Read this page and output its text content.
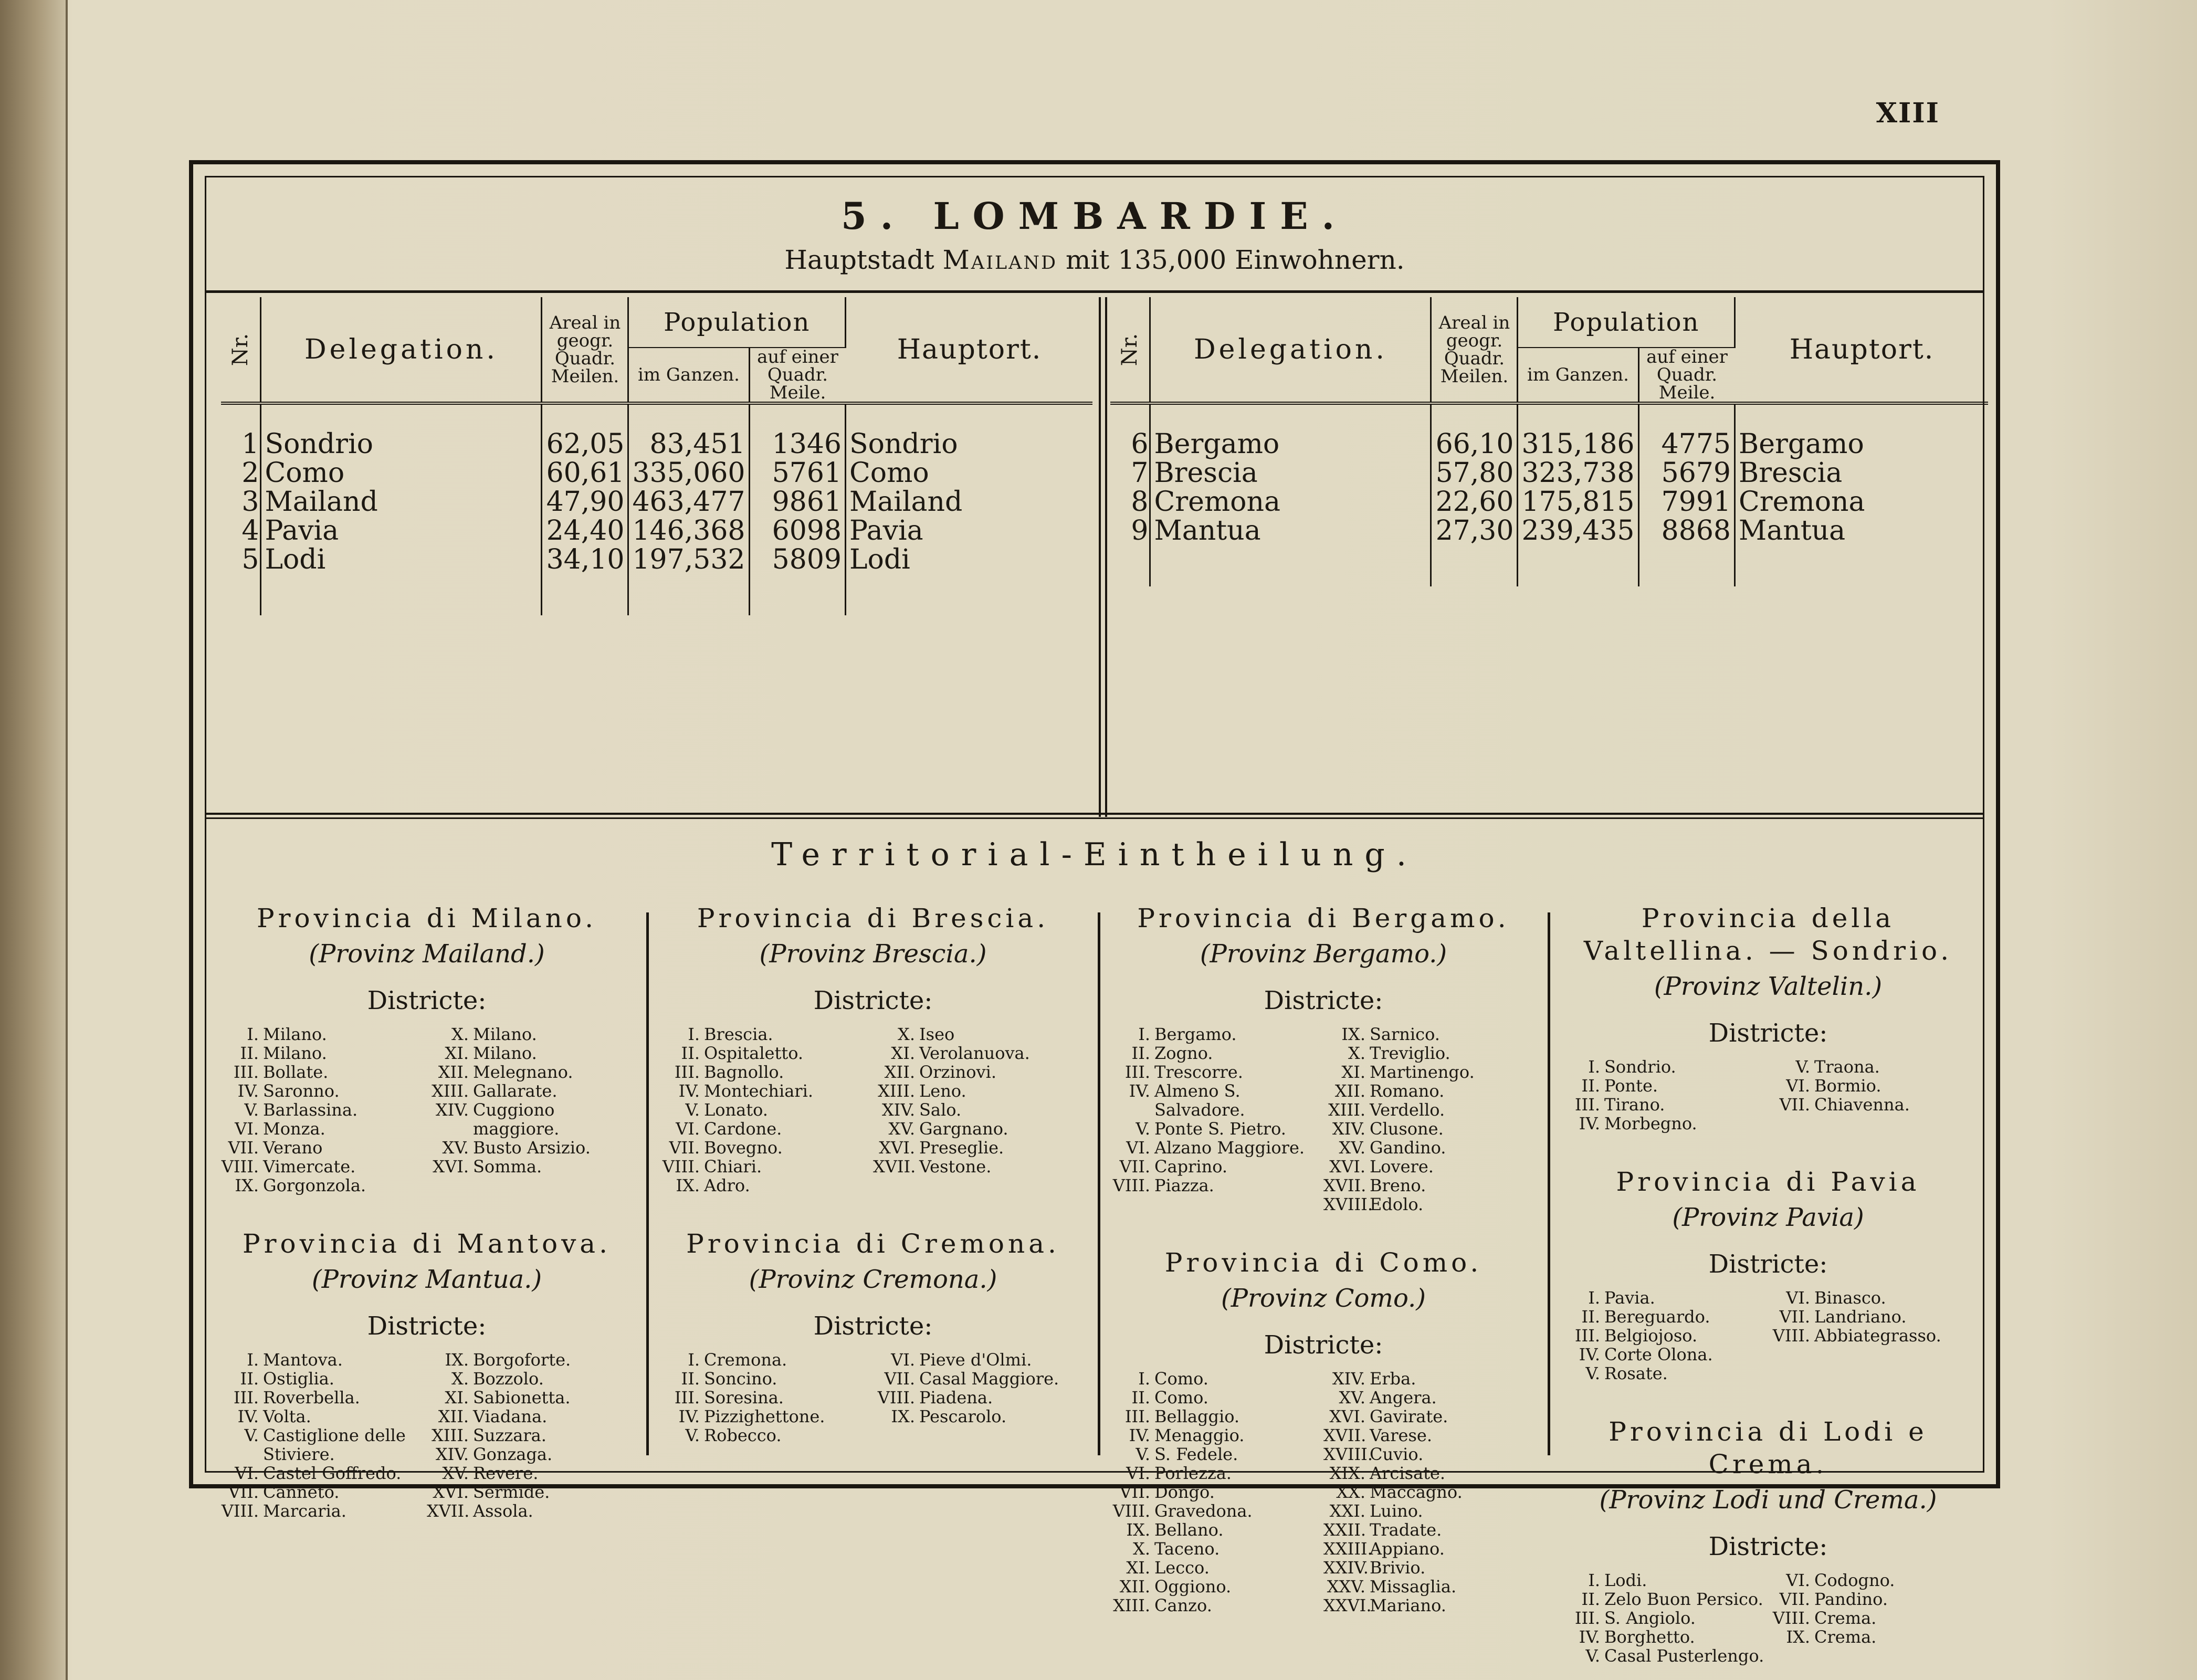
XIII
5. LOMBARDIE.
Hauptstadt Mailand mit 135,000 Einwohnern.
Nr.	Delegation.	Areal in geogr. Quadr. Meilen.	Population		Hauptort.
			im Ganzen.	auf einer Quadr. Meile.	
1	Sondrio	62,05	83,451	1346	Sondrio
2	Como	60,61	335,060	5761	Como
3	Mailand	47,90	463,477	9861	Mailand
4	Pavia	24,40	146,368	6098	Pavia
5	Lodi	34,10	197,532	5809	Lodi
Nr.	Delegation.	Areal in geogr. Quadr. Meilen.	Population		Hauptort.
			im Ganzen.	auf einer Quadr. Meile.	
6	Bergamo	66,10	315,186	4775	Bergamo
7	Brescia	57,80	323,738	5679	Brescia
8	Cremona	22,60	175,815	7991	Cremona
9	Mantua	27,30	239,435	8868	Mantua
Territorial-Eintheilung.
Provincia di Milano.
(Provinz Mailand.)
Districte:
I. Milano.
II. Milano.
III. Bollate.
IV. Saronno.
V. Barlassina.
VI. Monza.
VII. Verano
VIII. Vimercate.
IX. Gorgonzola.
X. Milano.
XI. Milano.
XII. Melegnano.
XIII. Gallarate.
XIV. Cuggiono maggiore.
XV. Busto Arsizio.
XVI. Somma.
Provincia di Mantova.
(Provinz Mantua.)
Districte:
I. Mantova.
II. Ostiglia.
III. Roverbella.
IV. Volta.
V. Castiglione delle Stiviere.
VI. Castel Goffredo.
VII. Canneto.
VIII. Marcaria.
IX. Borgoforte.
X. Bozzolo.
XI. Sabionetta.
XII. Viadana.
XIII. Suzzara.
XIV. Gonzaga.
XV. Revere.
XVI. Sermide.
XVII. Assola.
Provincia di Brescia.
(Provinz Brescia.)
Districte:
I. Brescia.
II. Ospitaletto.
III. Bagnollo.
IV. Montechiari.
V. Lonato.
VI. Cardone.
VII. Bovegno.
VIII. Chiari.
IX. Adro.
X. Iseo
XI. Verolanuova.
XII. Orzinovi.
XIII. Leno.
XIV. Salo.
XV. Gargnano.
XVI. Preseglie.
XVII. Vestone.
Provincia di Cremona.
(Provinz Cremona.)
Districte:
I. Cremona.
II. Soncino.
III. Soresina.
IV. Pizzighettone.
V. Robecco.
VI. Pieve d'Olmi.
VII. Casal Maggiore.
VIII. Piadena.
IX. Pescarolo.
Provincia di Bergamo.
(Provinz Bergamo.)
Districte:
I. Bergamo.
II. Zogno.
III. Trescorre.
IV. Almeno S. Salvadore.
V. Ponte S. Pietro.
VI. Alzano Maggiore.
VII. Caprino.
VIII. Piazza.
IX. Sarnico.
X. Treviglio.
XI. Martinengo.
XII. Romano.
XIII. Verdello.
XIV. Clusone.
XV. Gandino.
XVI. Lovere.
XVII. Breno.
XVIII.
Edolo.
Provincia di Como.
(Provinz Como.)
Districte:
I. Como.
II. Como.
III. Bellaggio.
IV. Menaggio.
V. S. Fedele.
VI. Porlezza.
VII. Dongo.
VIII. Gravedona.
IX. Bellano.
X. Taceno.
XI. Lecco.
XII. Oggiono.
XIII. Canzo.
XIV. Erba.
XV. Angera.
XVI. Gavirate.
XVII. Varese.
XVIII.
Cuvio.
XIX. Arcisate.
XX. Maccagno.
XXI. Luino.
XXII. Tradate.
XXIII.
Appiano.
XXIV. Brivio.
XXV. Missaglia.
XXVI.
Mariano.
Provincia della Valtellina. — Sondrio.
(Provinz Valtelin.)
Districte:
I. Sondrio.
II. Ponte.
III. Tirano.
IV. Morbegno.
V. Traona.
VI. Bormio.
VII. Chiavenna.
Provincia di Pavia
(Provinz Pavia)
Districte:
I. Pavia.
II. Bereguardo.
III. Belgiojoso.
IV. Corte Olona.
V. Rosate.
VI. Binasco.
VII. Landriano.
VIII. Abbiategrasso.
Provincia di Lodi e Crema.
(Provinz Lodi und Crema.)
Districte:
I. Lodi.
II. Zelo Buon Persico.
III. S. Angiolo.
IV. Borghetto.
V. Casal Pusterlengo.
VI. Codogno.
VII. Pandino.
VIII. Crema.
IX. Crema.
